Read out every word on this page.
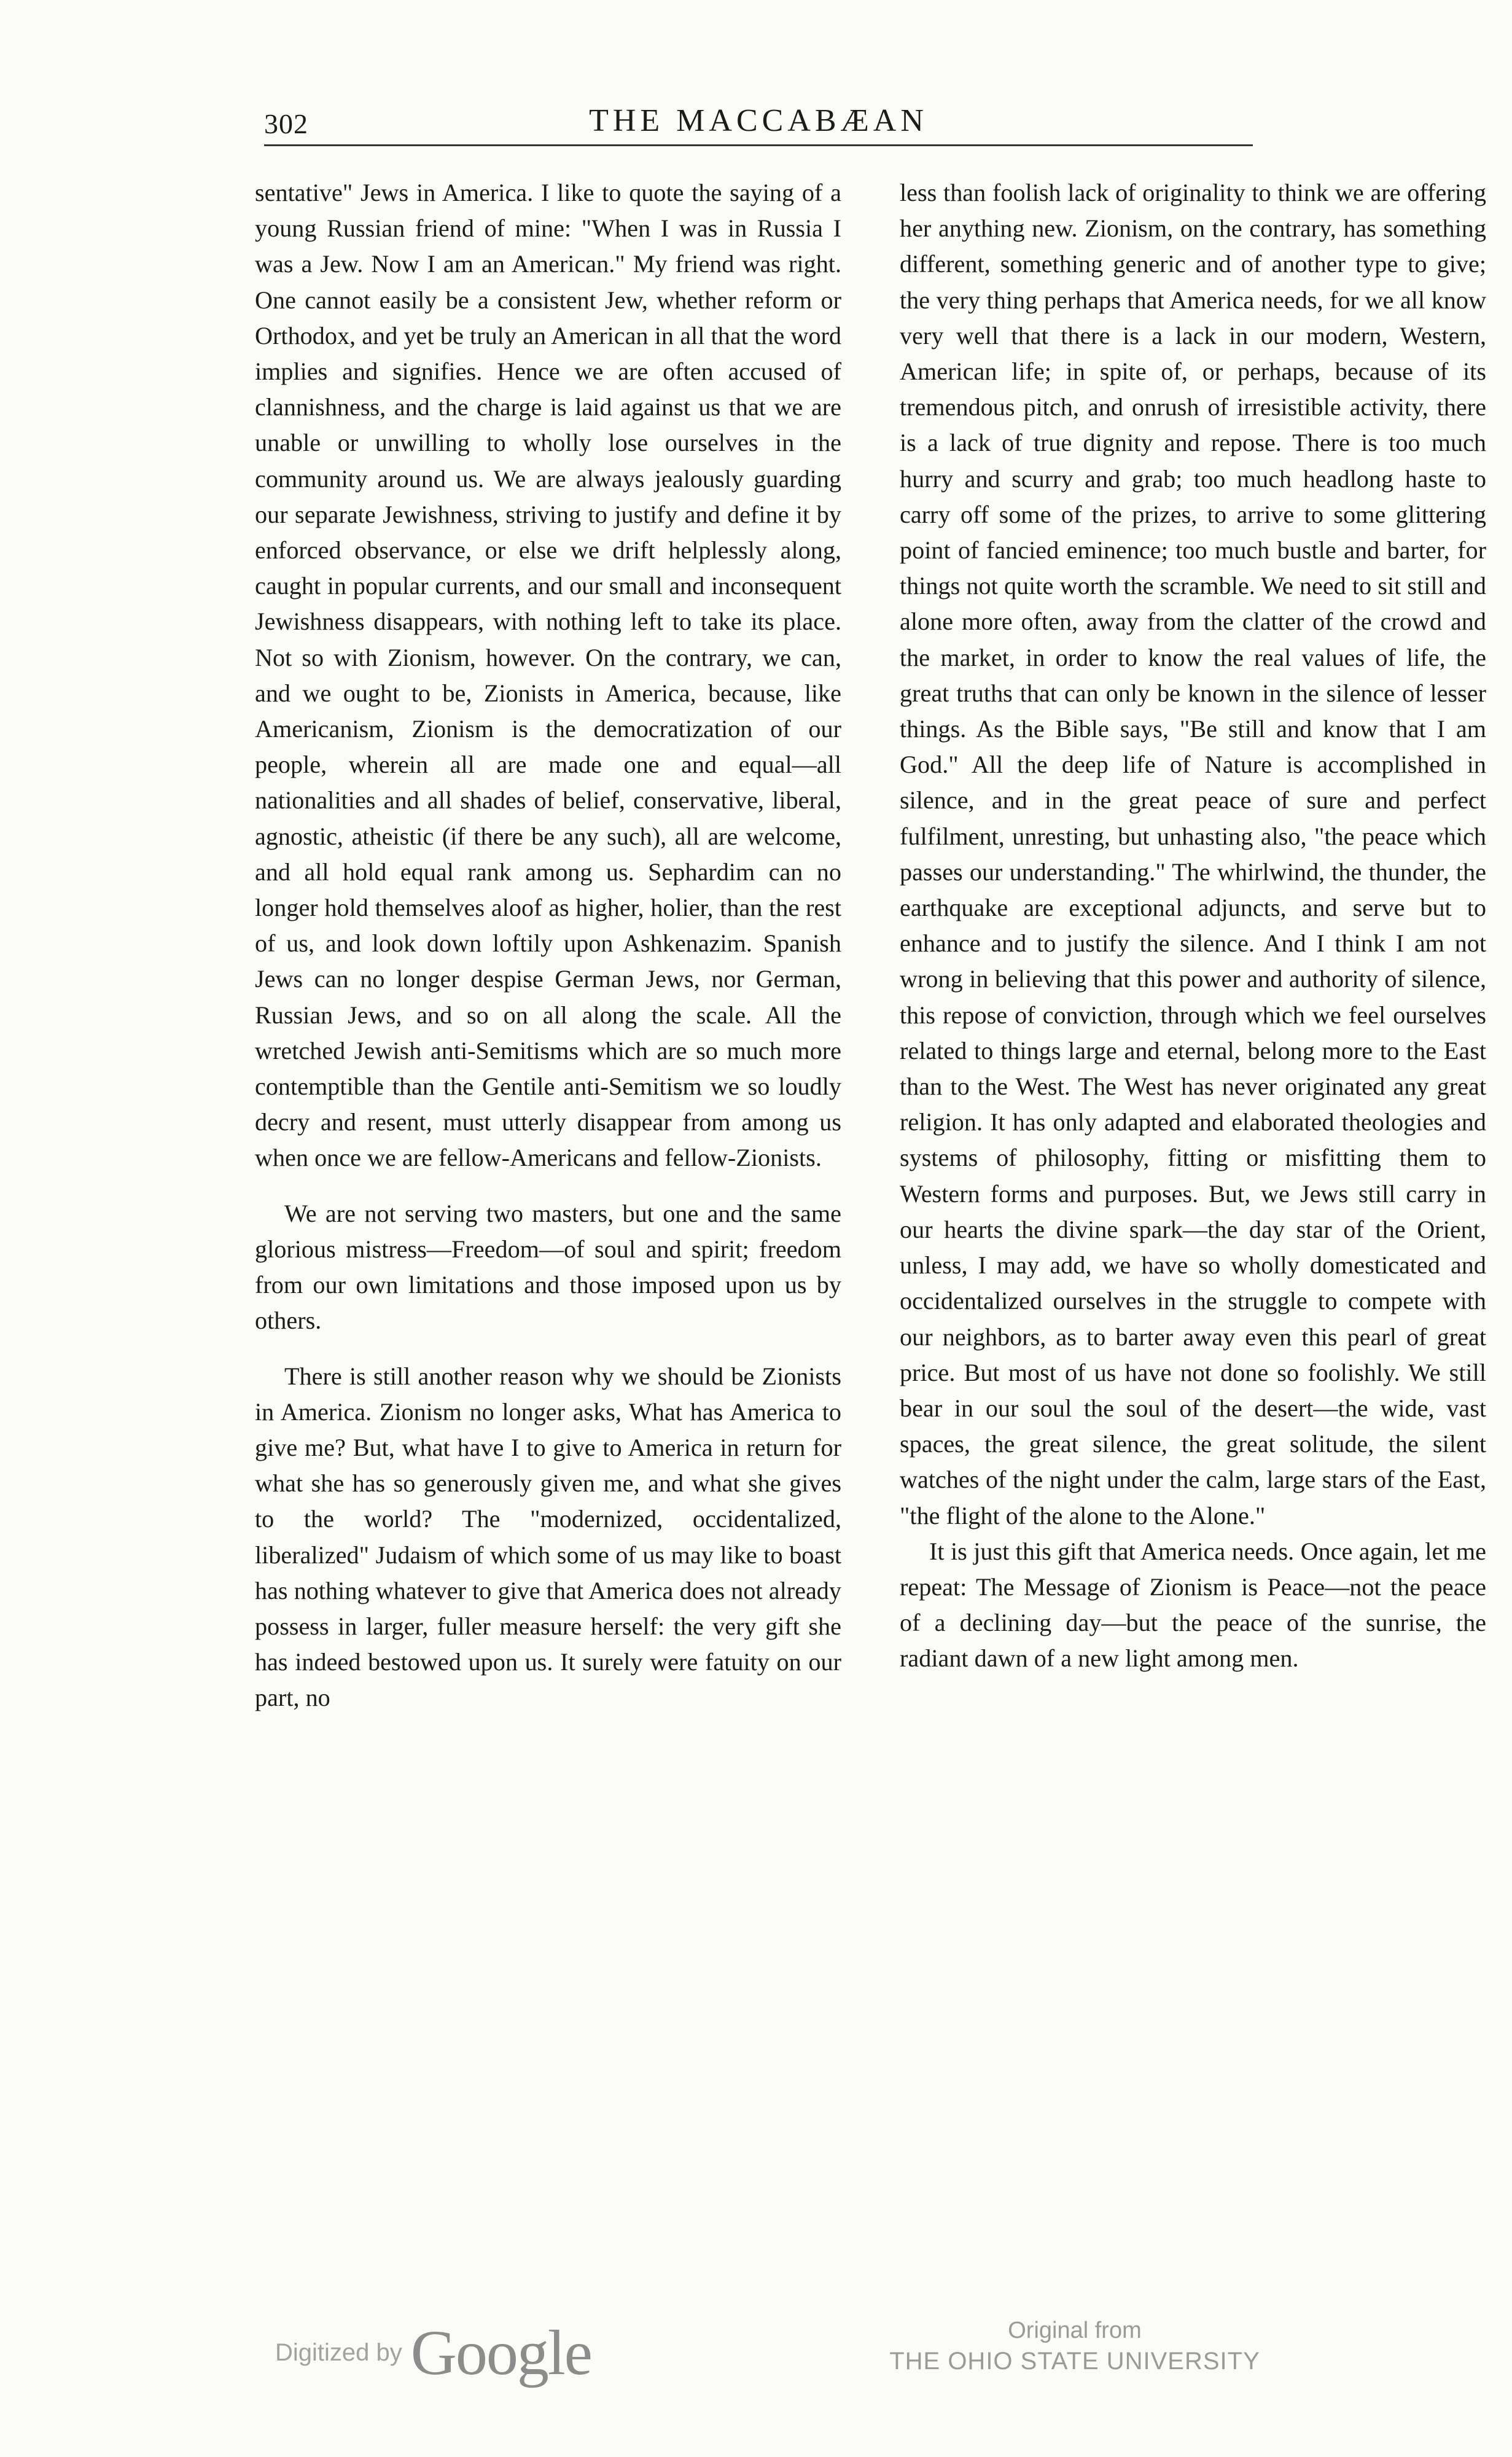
302	THE MACCABÆAN

sentative" Jews in America. I like to quote the saying of a young Russian friend of mine: "When I was in Russia I was a Jew. Now I am an American." My friend was right. One cannot easily be a consistent Jew, whether reform or Orthodox, and yet be truly an American in all that the word implies and signifies. Hence we are often accused of clannishness, and the charge is laid against us that we are unable or unwilling to wholly lose ourselves in the community around us. We are always jealously guarding our separate Jewishness, striving to justify and define it by enforced observance, or else we drift helplessly along, caught in popular currents, and our small and inconsequent Jewishness disappears, with nothing left to take its place. Not so with Zionism, however. On the contrary, we can, and we ought to be, Zionists in America, because, like Americanism, Zionism is the democratization of our people, wherein all are made one and equal—all nationalities and all shades of belief, conservative, liberal, agnostic, atheistic (if there be any such), all are welcome, and all hold equal rank among us. Sephardim can no longer hold themselves aloof as higher, holier, than the rest of us, and look down loftily upon Ashkenazim. Spanish Jews can no longer despise German Jews, nor German, Russian Jews, and so on all along the scale. All the wretched Jewish anti-Semitisms which are so much more contemptible than the Gentile anti-Semitism we so loudly decry and resent, must utterly disappear from among us when once we are fellow-Americans and fellow-Zionists.

We are not serving two masters, but one and the same glorious mistress—Freedom—of soul and spirit; freedom from our own limitations and those imposed upon us by others.

There is still another reason why we should be Zionists in America. Zionism no longer asks, What has America to give me? But, what have I to give to America in return for what she has so generously given me, and what she gives to the world? The "modernized, occidentalized, liberalized" Judaism of which some of us may like to boast has nothing whatever to give that America does not already possess in larger, fuller measure herself: the very gift she has indeed bestowed upon us. It surely were fatuity on our part, no

less than foolish lack of originality to think we are offering her anything new. Zionism, on the contrary, has something different, something generic and of another type to give; the very thing perhaps that America needs, for we all know very well that there is a lack in our modern, Western, American life; in spite of, or perhaps, because of its tremendous pitch, and onrush of irresistible activity, there is a lack of true dignity and repose. There is too much hurry and scurry and grab; too much headlong haste to carry off some of the prizes, to arrive to some glittering point of fancied eminence; too much bustle and barter, for things not quite worth the scramble. We need to sit still and alone more often, away from the clatter of the crowd and the market, in order to know the real values of life, the great truths that can only be known in the silence of lesser things. As the Bible says, "Be still and know that I am God." All the deep life of Nature is accomplished in silence, and in the great peace of sure and perfect fulfilment, unresting, but unhasting also, "the peace which passes our understanding." The whirlwind, the thunder, the earthquake are exceptional adjuncts, and serve but to enhance and to justify the silence. And I think I am not wrong in believing that this power and authority of silence, this repose of conviction, through which we feel ourselves related to things large and eternal, belong more to the East than to the West. The West has never originated any great religion. It has only adapted and elaborated theologies and systems of philosophy, fitting or misfitting them to Western forms and purposes. But, we Jews still carry in our hearts the divine spark—the day star of the Orient, unless, I may add, we have so wholly domesticated and occidentalized ourselves in the struggle to compete with our neighbors, as to barter away even this pearl of great price. But most of us have not done so foolishly. We still bear in our soul the soul of the desert—the wide, vast spaces, the great silence, the great solitude, the silent watches of the night under the calm, large stars of the East, "the flight of the alone to the Alone."

It is just this gift that America needs. Once again, let me repeat: The Message of Zionism is Peace—not the peace of a declining day—but the peace of the sunrise, the radiant dawn of a new light among men.

Digitized by Google	Original from
THE OHIO STATE UNIVERSITY
